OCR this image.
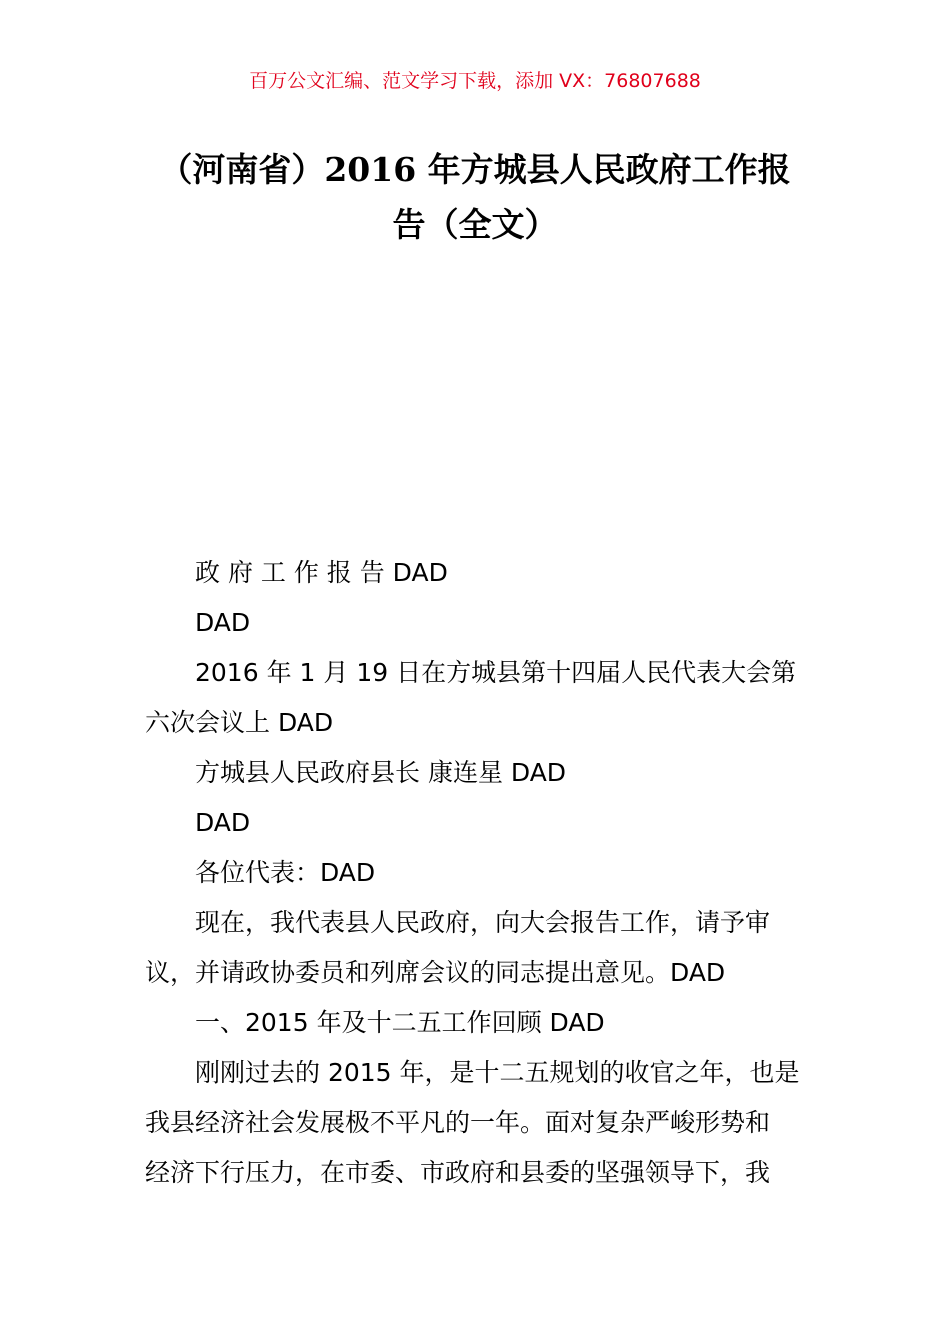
百万公文汇编、范文学习下载，添加 VX：76807688
（河南省）2016 年方城县人民政府工作报
告（全文）

政 府 工 作 报 告 DAD

DAD

2016 年 1 月 19 日在方城县第十四届人民代表大会第

六次会议上 DAD

方城县人民政府县长 康连星 DAD

DAD

各位代表：DAD

现在，我代表县人民政府，向大会报告工作，请予审

议，并请政协委员和列席会议的同志提出意见。DAD

一、2015 年及十二五工作回顾 DAD

刚刚过去的 2015 年，是十二五规划的收官之年，也是

我县经济社会发展极不平凡的一年。面对复杂严峻形势和

经济下行压力，在市委、市政府和县委的坚强领导下，我
